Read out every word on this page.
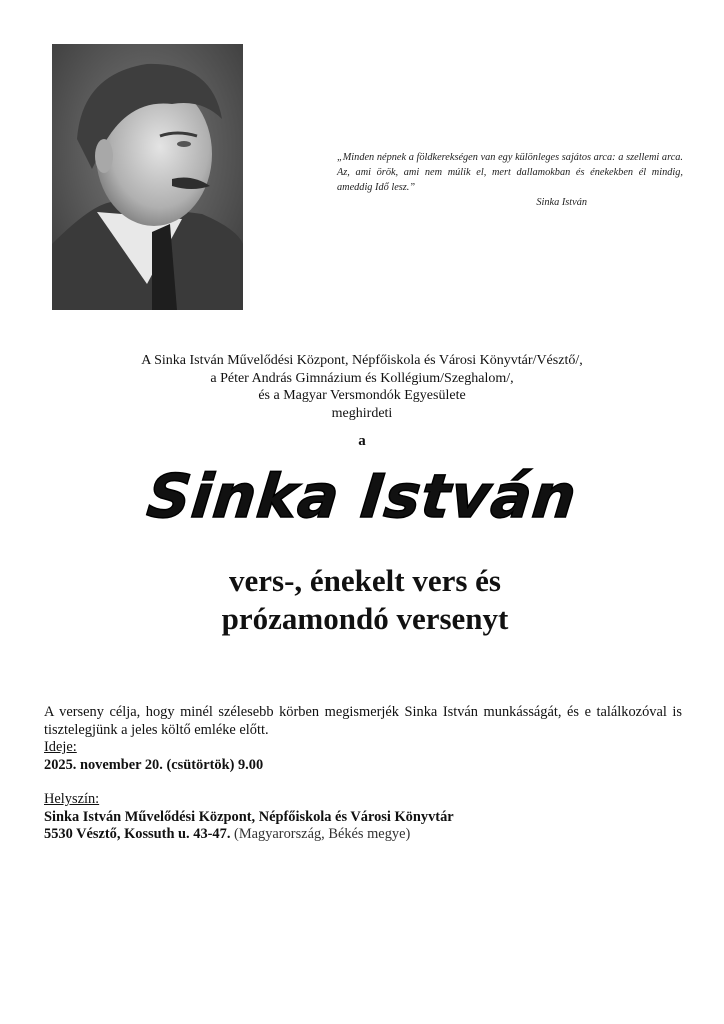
„Minden népnek a földkerekségen van egy különleges sajátos arca: a szellemi arca. Az, ami örök, ami nem múlik el, mert dallamokban és énekekben él mindig, ameddig Idő lesz.”
Sinka István
A Sinka István Művelődési Központ, Népfőiskola és Városi Könyvtár/Vésztő/,
a Péter András Gimnázium és Kollégium/Szeghalom/,
és a Magyar Versmondók Egyesülete
meghirdeti
a
Sinka István
vers-, énekelt vers és
prózamondó versenyt

A verseny célja, hogy minél szélesebb körben megismerjék Sinka István munkásságát, és e találkozóval is tisztelegjünk a jeles költő emléke előtt.

Ideje:

2025. november 20. (csütörtök) 9.00

Helyszín:

Sinka István Művelődési Központ, Népfőiskola és Városi Könyvtár

5530 Vésztő, Kossuth u. 43-47. (Magyarország, Békés megye)
